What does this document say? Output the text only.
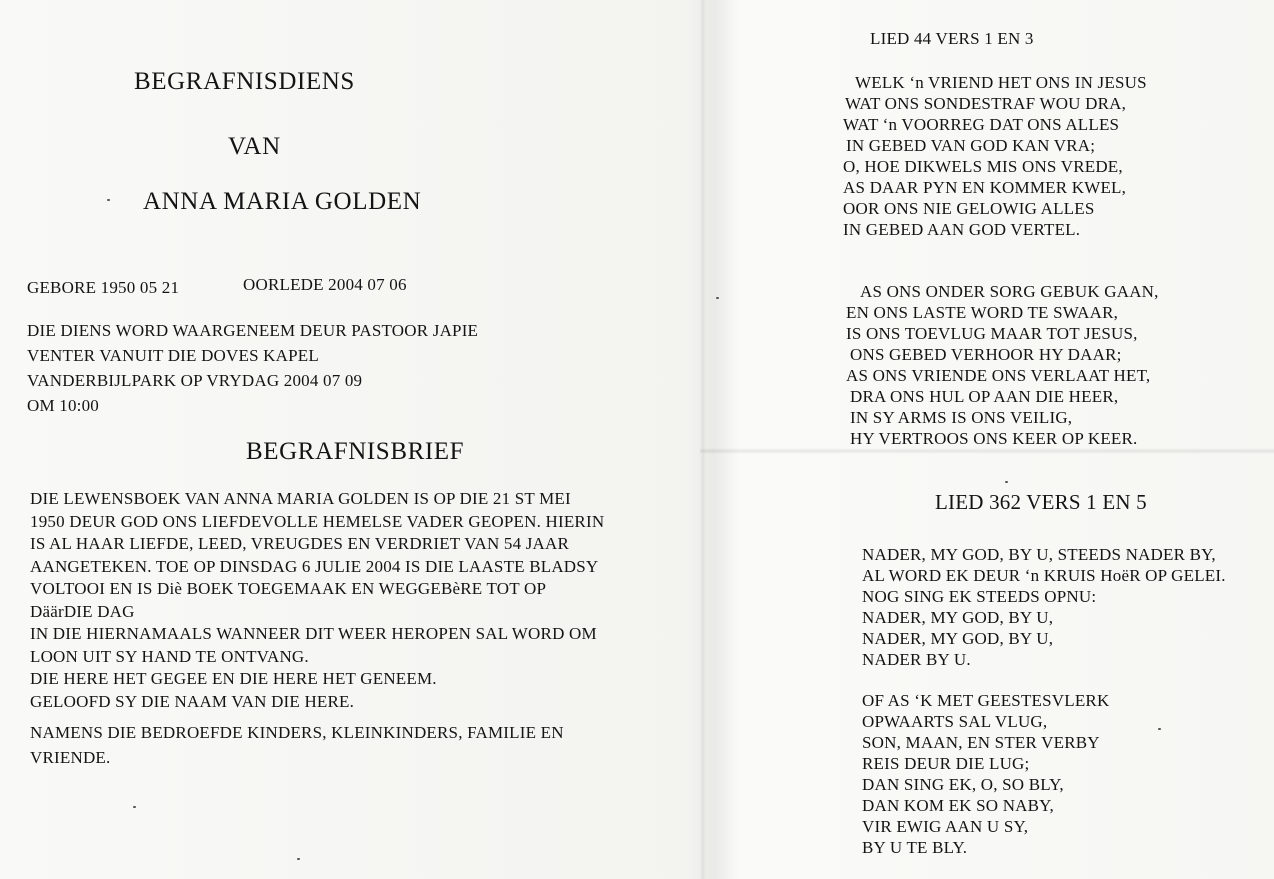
BEGRAFNISDIENS
VAN
ANNA MARIA GOLDEN
GEBORE 1950 05 21	OORLEDE 2004 07 06
DIE DIENS WORD WAARGENEEM DEUR PASTOOR JAPIE
VENTER VANUIT DIE DOVES KAPEL
VANDERBIJLPARK OP VRYDAG 2004 07 09
OM 10:00
BEGRAFNISBRIEF
DIE LEWENSBOEK VAN ANNA MARIA GOLDEN IS OP DIE 21 ST MEI
1950 DEUR GOD ONS LIEFDEVOLLE HEMELSE VADER GEOPEN. HIERIN
IS AL HAAR LIEFDE, LEED, VREUGDES EN VERDRIET VAN 54 JAAR
AANGETEKEN. TOE OP DINSDAG 6 JULIE 2004 IS DIE LAASTE BLADSY
VOLTOOI EN IS Diè BOEK TOEGEMAAK EN WEGGEBèRE TOT OP
DäärDIE DAG
IN DIE HIERNAMAALS WANNEER DIT WEER HEROPEN SAL WORD OM
LOON UIT SY HAND TE ONTVANG.
DIE HERE HET GEGEE EN DIE HERE HET GENEEM.
GELOOFD SY DIE NAAM VAN DIE HERE.
NAMENS DIE BEDROEFDE KINDERS, KLEINKINDERS, FAMILIE EN
VRIENDE.
LIED 44 VERS 1 EN 3
WELK ‘n VRIEND HET ONS IN JESUS
WAT ONS SONDESTRAF WOU DRA,
WAT ‘n VOORREG DAT ONS ALLES
IN GEBED VAN GOD KAN VRA;
O, HOE DIKWELS MIS ONS VREDE,
AS DAAR PYN EN KOMMER KWEL,
OOR ONS NIE GELOWIG ALLES
IN GEBED AAN GOD VERTEL.
AS ONS ONDER SORG GEBUK GAAN,
EN ONS LASTE WORD TE SWAAR,
IS ONS TOEVLUG MAAR TOT JESUS,
ONS GEBED VERHOOR HY DAAR;
AS ONS VRIENDE ONS VERLAAT HET,
DRA ONS HUL OP AAN DIE HEER,
IN SY ARMS IS ONS VEILIG,
HY VERTROOS ONS KEER OP KEER.
LIED 362 VERS 1 EN 5
NADER, MY GOD, BY U, STEEDS NADER BY,
AL WORD EK DEUR ‘n KRUIS HoëR OP GELEI.
NOG SING EK STEEDS OPNU:
NADER, MY GOD, BY U,
NADER, MY GOD, BY U,
NADER BY U.
OF AS ‘K MET GEESTESVLERK
OPWAARTS SAL VLUG,
SON, MAAN, EN STER VERBY
REIS DEUR DIE LUG;
DAN SING EK, O, SO BLY,
DAN KOM EK SO NABY,
VIR EWIG AAN U SY,
BY U TE BLY.
